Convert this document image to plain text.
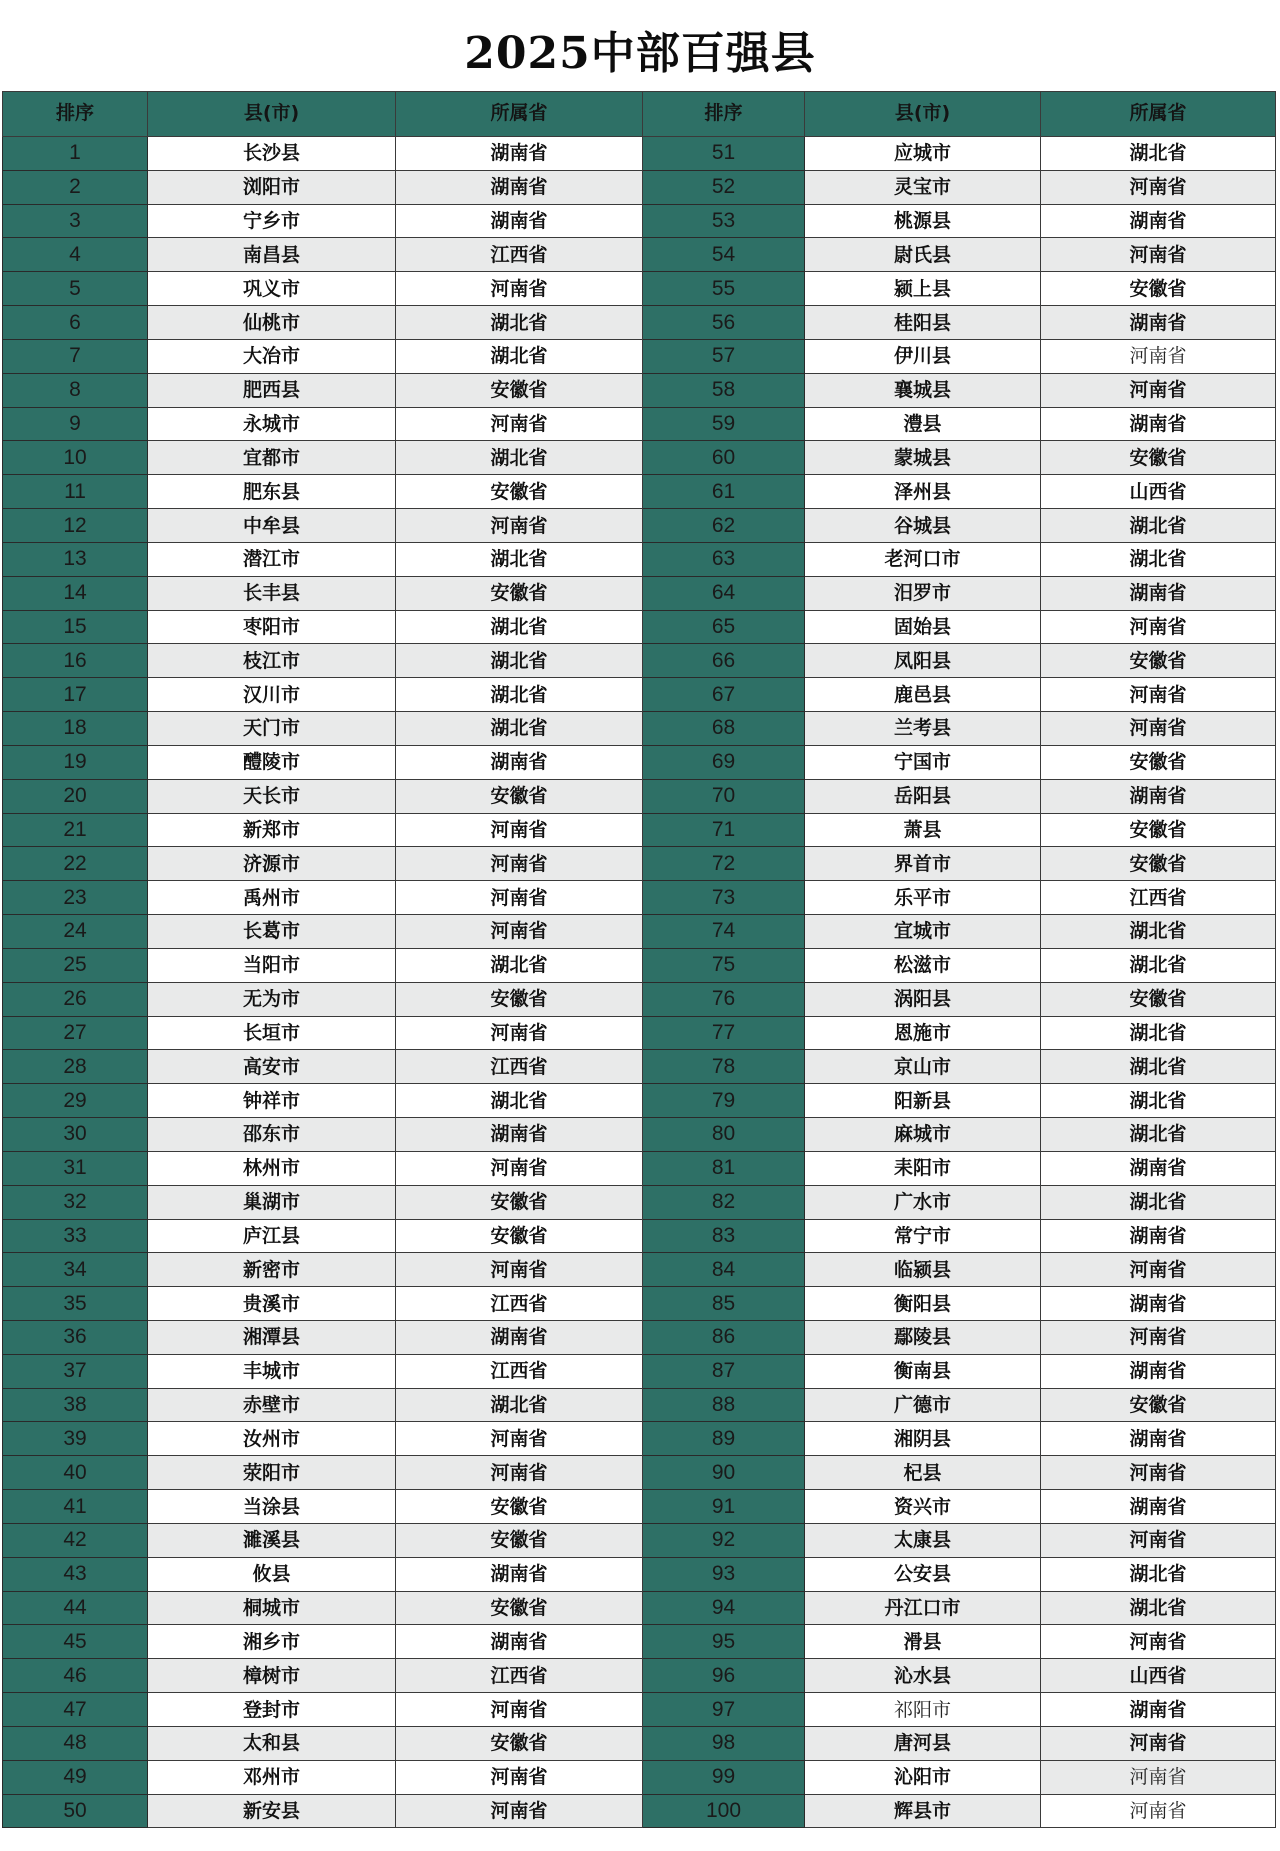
2025中部百强县
排序	县(市)	所属省	排序	县(市)	所属省
1	长沙县	湖南省	51	应城市	湖北省
2	浏阳市	湖南省	52	灵宝市	河南省
3	宁乡市	湖南省	53	桃源县	湖南省
4	南昌县	江西省	54	尉氏县	河南省
5	巩义市	河南省	55	颍上县	安徽省
6	仙桃市	湖北省	56	桂阳县	湖南省
7	大冶市	湖北省	57	伊川县	河南省
8	肥西县	安徽省	58	襄城县	河南省
9	永城市	河南省	59	澧县	湖南省
10	宜都市	湖北省	60	蒙城县	安徽省
11	肥东县	安徽省	61	泽州县	山西省
12	中牟县	河南省	62	谷城县	湖北省
13	潜江市	湖北省	63	老河口市	湖北省
14	长丰县	安徽省	64	汨罗市	湖南省
15	枣阳市	湖北省	65	固始县	河南省
16	枝江市	湖北省	66	凤阳县	安徽省
17	汉川市	湖北省	67	鹿邑县	河南省
18	天门市	湖北省	68	兰考县	河南省
19	醴陵市	湖南省	69	宁国市	安徽省
20	天长市	安徽省	70	岳阳县	湖南省
21	新郑市	河南省	71	萧县	安徽省
22	济源市	河南省	72	界首市	安徽省
23	禹州市	河南省	73	乐平市	江西省
24	长葛市	河南省	74	宜城市	湖北省
25	当阳市	湖北省	75	松滋市	湖北省
26	无为市	安徽省	76	涡阳县	安徽省
27	长垣市	河南省	77	恩施市	湖北省
28	高安市	江西省	78	京山市	湖北省
29	钟祥市	湖北省	79	阳新县	湖北省
30	邵东市	湖南省	80	麻城市	湖北省
31	林州市	河南省	81	耒阳市	湖南省
32	巢湖市	安徽省	82	广水市	湖北省
33	庐江县	安徽省	83	常宁市	湖南省
34	新密市	河南省	84	临颍县	河南省
35	贵溪市	江西省	85	衡阳县	湖南省
36	湘潭县	湖南省	86	鄢陵县	河南省
37	丰城市	江西省	87	衡南县	湖南省
38	赤壁市	湖北省	88	广德市	安徽省
39	汝州市	河南省	89	湘阴县	湖南省
40	荥阳市	河南省	90	杞县	河南省
41	当涂县	安徽省	91	资兴市	湖南省
42	濉溪县	安徽省	92	太康县	河南省
43	攸县	湖南省	93	公安县	湖北省
44	桐城市	安徽省	94	丹江口市	湖北省
45	湘乡市	湖南省	95	滑县	河南省
46	樟树市	江西省	96	沁水县	山西省
47	登封市	河南省	97	祁阳市	湖南省
48	太和县	安徽省	98	唐河县	河南省
49	邓州市	河南省	99	沁阳市	河南省
50	新安县	河南省	100	辉县市	河南省
